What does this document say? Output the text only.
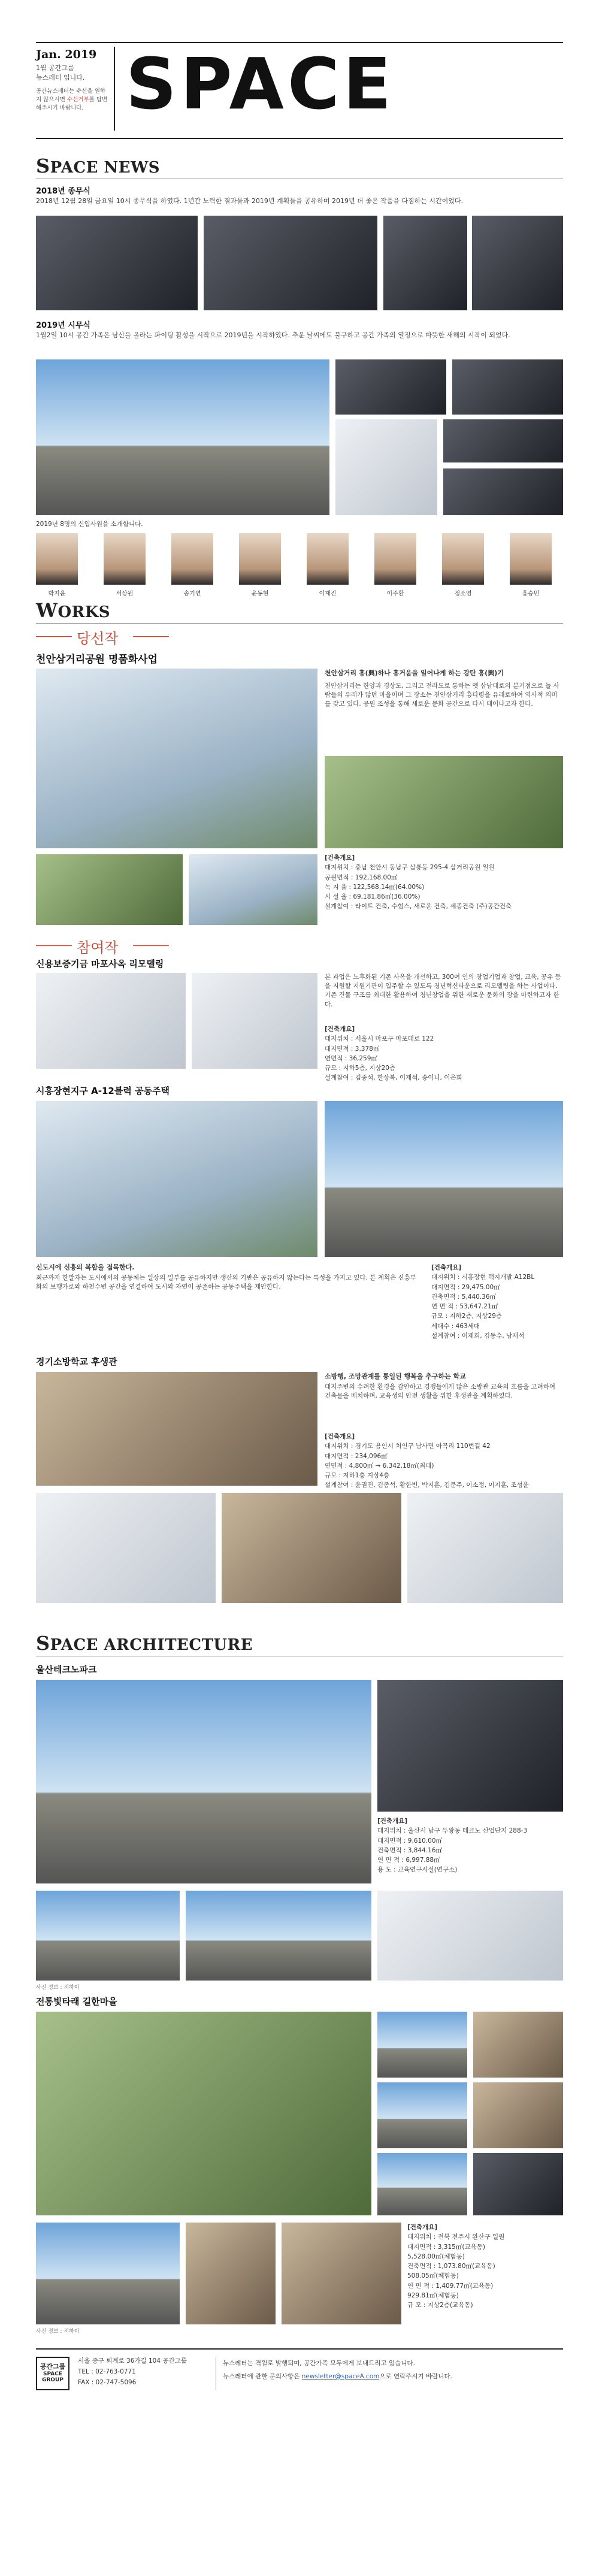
Jan. 2019
1월 공간그룹
뉴스레터 입니다.
공간뉴스레터는 수신을 원하지 않으시면 수신거부를 답변 해주시기 바랍니다. SPACE
SPACE NEWS
2018년 종무식
2018년 12월 28일 금요일 10시 종무식을 하였다. 1년간 노력한 결과물과 2019년 계획들을 공유하며 2019년 더 좋은 작품을 다짐하는 시간이었다.
2019년 시무식
1월2일 10시 공간 가족은 남산을 올라는 파이팅 활성을 시작으로 2019년을 시작하였다. 추운 날씨에도 불구하고 공간 가족의 열정으로 따뜻한 새해의 시작이 되었다.
2019년 8명의 신입사원을 소개합니다.
박지윤	서상원	송기연	윤동현	이재진	이주환	정소영	홍승민
WORKS
당선작
천안삼거리공원 명품화사업
천안삼거리 흥(興)하나 흥거움을 일어나게 하는 강탄 흥(興)기
천안삼거리는 한양과 경상도, 그리고 전라도로 통하는 옛 삼남대로의 분기점으로 늘 사람들의 유래가 많던 마을이며 그 장소는 천안삼거리 흥타령을 유래로하여 역사적 의미를 갖고 있다. 공원 조성을 통해 새로운 문화 공간으로 다시 태어나고자 한다.
[건축개요]
대지위치 : 충남 천안시 동남구 삼룡동 295-4 삼거리공원 일원
공원면적 : 192,168.00㎡
녹 지 율 : 122,568.14㎡(64.00%)
시 설 율 : 69,181.86㎡(36.00%)
설계참여 : 라이트 건축, 수협스, 새로운 건축, 세종건축 (주)공간건축
참여작
신용보증기금 마포사옥 리모델링
본 과업은 노후화된 기존 사옥을 개선하고, 300여 인의 창업기업과 창업, 교육, 공유 등을 지원할 지원기관이 입주할 수 있도록 청년혁신타운으로 리모델링을 하는 사업이다. 기존 건물 구조를 최대한 활용하여 청년창업을 위한 새로운 문화의 장을 마련하고자 한다.
[건축개요]
대지위치 : 서울시 마포구 마포대로 122
대지면적 : 3,378㎡
연면적 : 36,259㎡
규모 : 지하5층, 지상20층
설계참여 : 김종석, 한상복, 이재석, 송이니, 이은희
시흥장현지구 A-12블럭 공동주택
신도시에 신흥의 복합을 접목한다.
최근까지 한발자는 도시에서의 공동체는 일상의 일부를 공유하지만 생산의 기반은 공유하지 않는다는 특성을 가지고 있다. 본 계획은 신흥부화의 보행가로와 하천수변 공간을 연결하여 도시와 자연이 공존하는 공동주택을 제안한다.
[건축개요]
대지위치 : 시흥장현 택지개발 A12BL
대지면적 : 29,475.00㎡
건축면적 : 5,440.36㎡
연 면 적 : 53,647.21㎡
규모 : 지하2층, 지상29층
세대수 : 463세대
설계참여 : 이재희, 김동수, 남재석
경기소방학교 후생관
소방행, 조망관계를 통일된 행복을 추구하는 학교
대지주변의 수려한 환경을 감안하고 경쟁들에게 많은 소방관 교육의 흐름을 고려하여 건축물을 배치하며, 교육생의 안전 생활을 위한 후생관을 계획하였다.
[건축개요]
대지위치 : 경기도 용인시 처인구 남사면 아곡리 110번길 42
대지면적 : 234,096㎡
연면적 : 4,800㎡ → 6,342.18㎡(최대)
규모 : 지하1층 지상4층
설계참여 : 윤권진, 김종석, 황한빈, 박지훈, 김문주, 이소정, 이지훈, 조성윤
SPACE ARCHITECTURE
울산테크노파크
[건축개요]
대지위치 : 울산시 남구 두왕동 테크노 산업단지 288-3
대지면적 : 9,610.00㎡
건축면적 : 3,844.16㎡
연 면 적 : 6,997.88㎡
용 도 : 교육연구시설(연구소)
사진 정보 : 지하이
전통빛타래 길한마을
[건축개요]
대지위치 : 전북 전주시 완산구 일원
대지면적 : 3,315㎡(교육동)
5,528.00㎡(체험동)
건축면적 : 1,073.80㎡(교육동)
508.05㎡(체험동)
연 면 적 : 1,409.77㎡(교육동)
929.81㎡(체험동)
규 모 : 지상2층(교육동)
사진 정보 : 지하이
공간그룹
SPACE
GROUP
서울 종구 퇴계로 36가길 104 공간그룹
TEL : 02-763-0771
FAX : 02-747-5096
뉴스레터는 격월로 발행되며, 공간가족 모두에게 보내드리고 있습니다.
뉴스레터에 관한 문의사항은 newsletter@spaceA.com으로 연락주시기 바랍니다.
